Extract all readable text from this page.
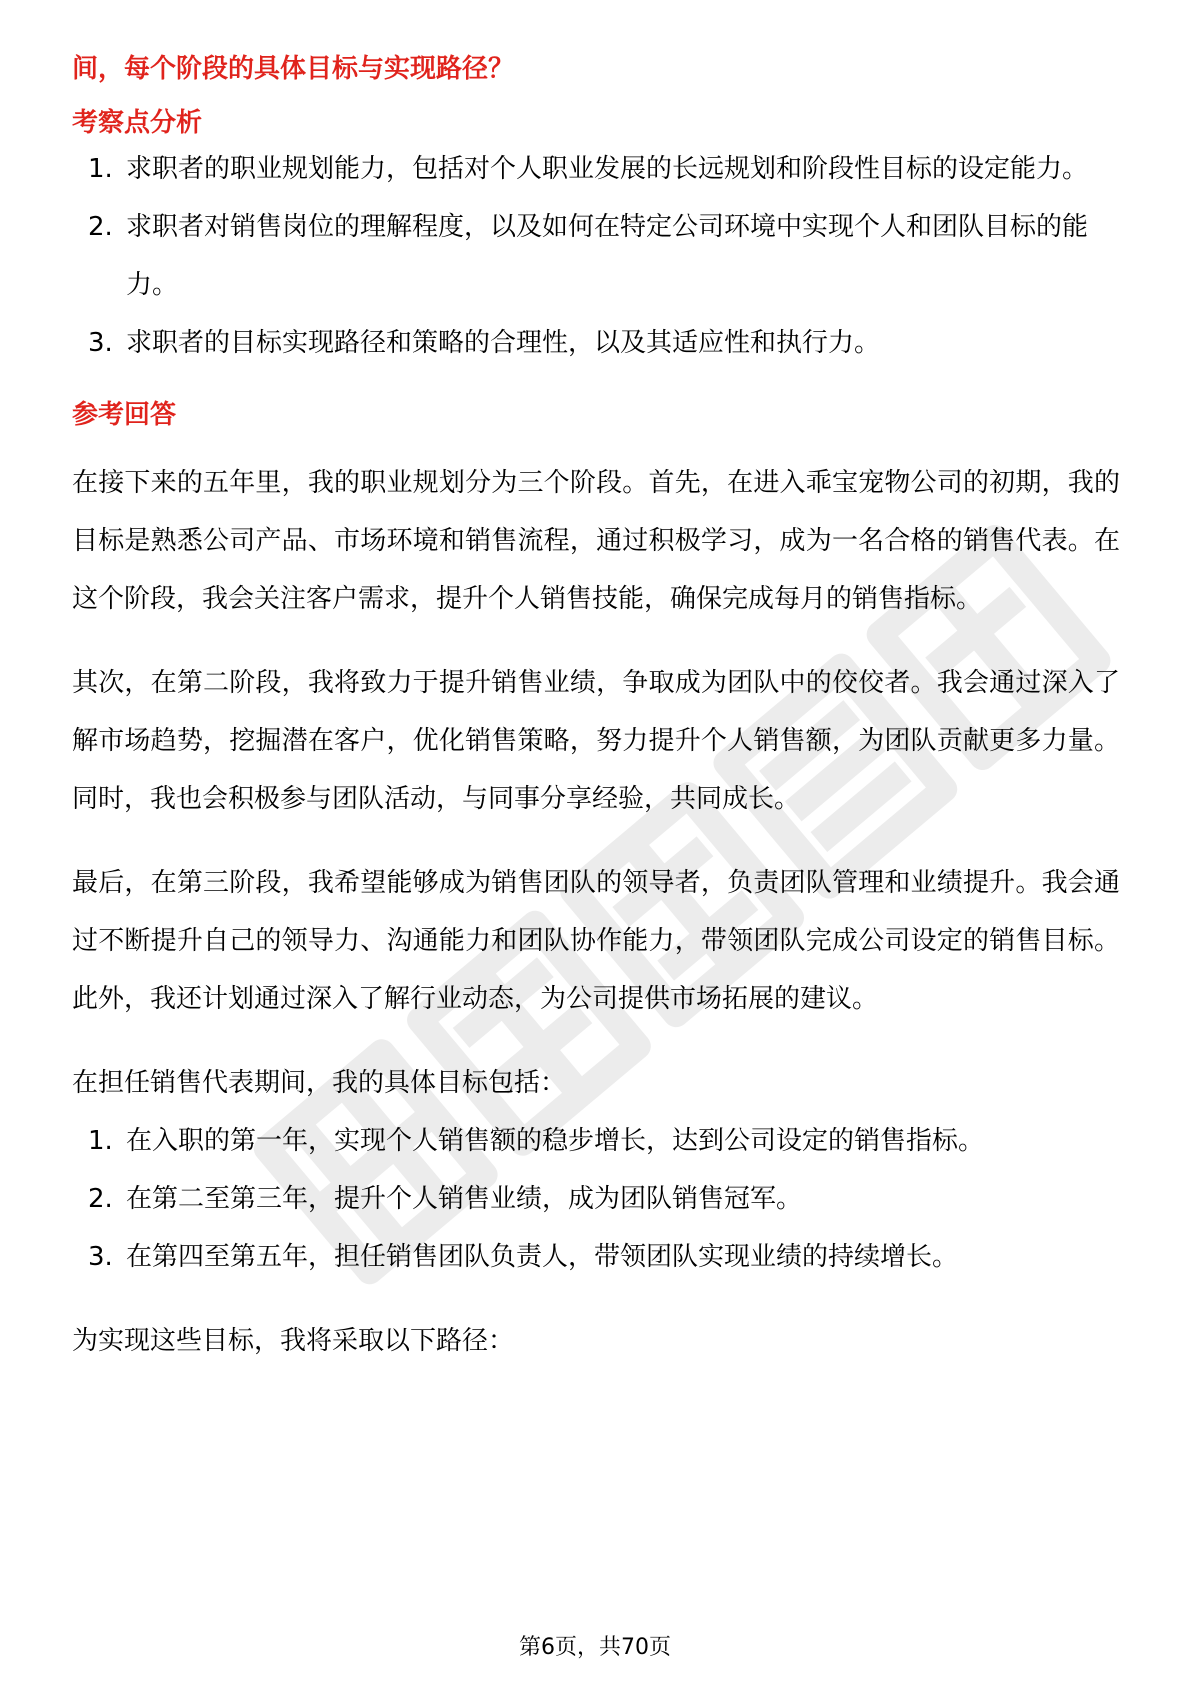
间，每个阶段的具体目标与实现路径？

考察点分析
1. 求职者的职业规划能力，包括对个人职业发展的长远规划和阶段性目标的设定能力。
2. 求职者对销售岗位的理解程度，以及如何在特定公司环境中实现个人和团队目标的能力。
3. 求职者的目标实现路径和策略的合理性，以及其适应性和执行力。
参考回答

在接下来的五年里，我的职业规划分为三个阶段。首先，在进入乖宝宠物公司的初期，我的目标是熟悉公司产品、市场环境和销售流程，通过积极学习，成为一名合格的销售代表。在这个阶段，我会关注客户需求，提升个人销售技能，确保完成每月的销售指标。

其次，在第二阶段，我将致力于提升销售业绩，争取成为团队中的佼佼者。我会通过深入了解市场趋势，挖掘潜在客户，优化销售策略，努力提升个人销售额，为团队贡献更多力量。同时，我也会积极参与团队活动，与同事分享经验，共同成长。

最后，在第三阶段，我希望能够成为销售团队的领导者，负责团队管理和业绩提升。我会通过不断提升自己的领导力、沟通能力和团队协作能力，带领团队完成公司设定的销售目标。此外，我还计划通过深入了解行业动态，为公司提供市场拓展的建议。

在担任销售代表期间，我的具体目标包括：

1. 在入职的第一年，实现个人销售额的稳步增长，达到公司设定的销售指标。
2. 在第二至第三年，提升个人销售业绩，成为团队销售冠军。
3. 在第四至第五年，担任销售团队负责人，带领团队实现业绩的持续增长。

为实现这些目标，我将采取以下路径：

第6页，共70页
